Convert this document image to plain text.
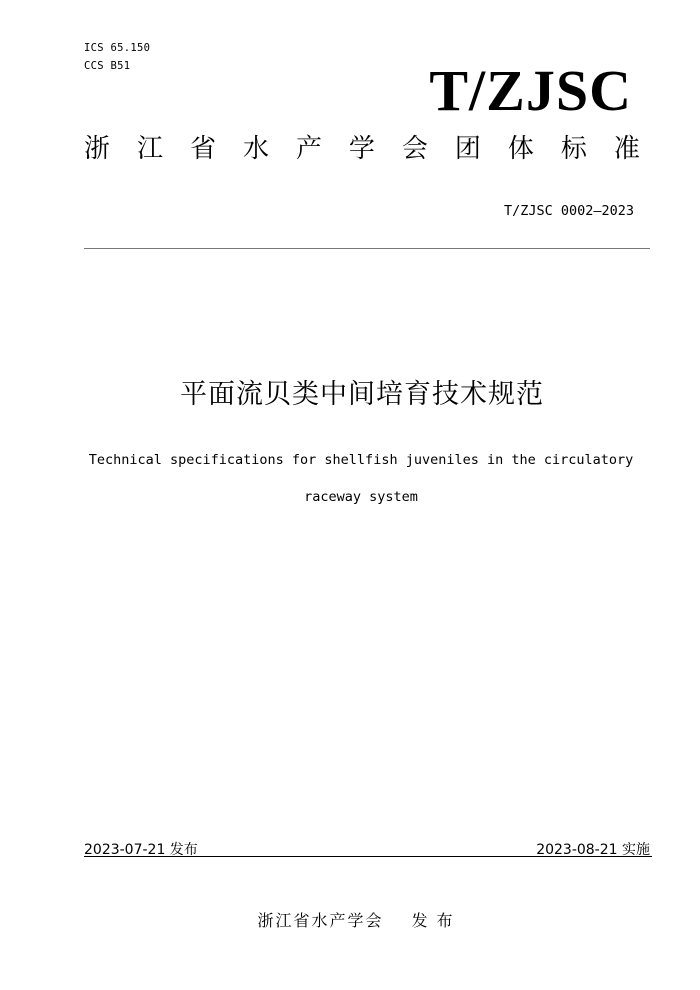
ICS 65.150
CCS B51	T/ZJSC
浙 江 省 水 产 学 会 团 体 标 准
T/ZJSC 0002—2023
平面流贝类中间培育技术规范
Technical specifications for shellfish juveniles in the circulatory
raceway system
2023-07-21 发布	2023-08-21 实施
浙江省水产学会 发 布
